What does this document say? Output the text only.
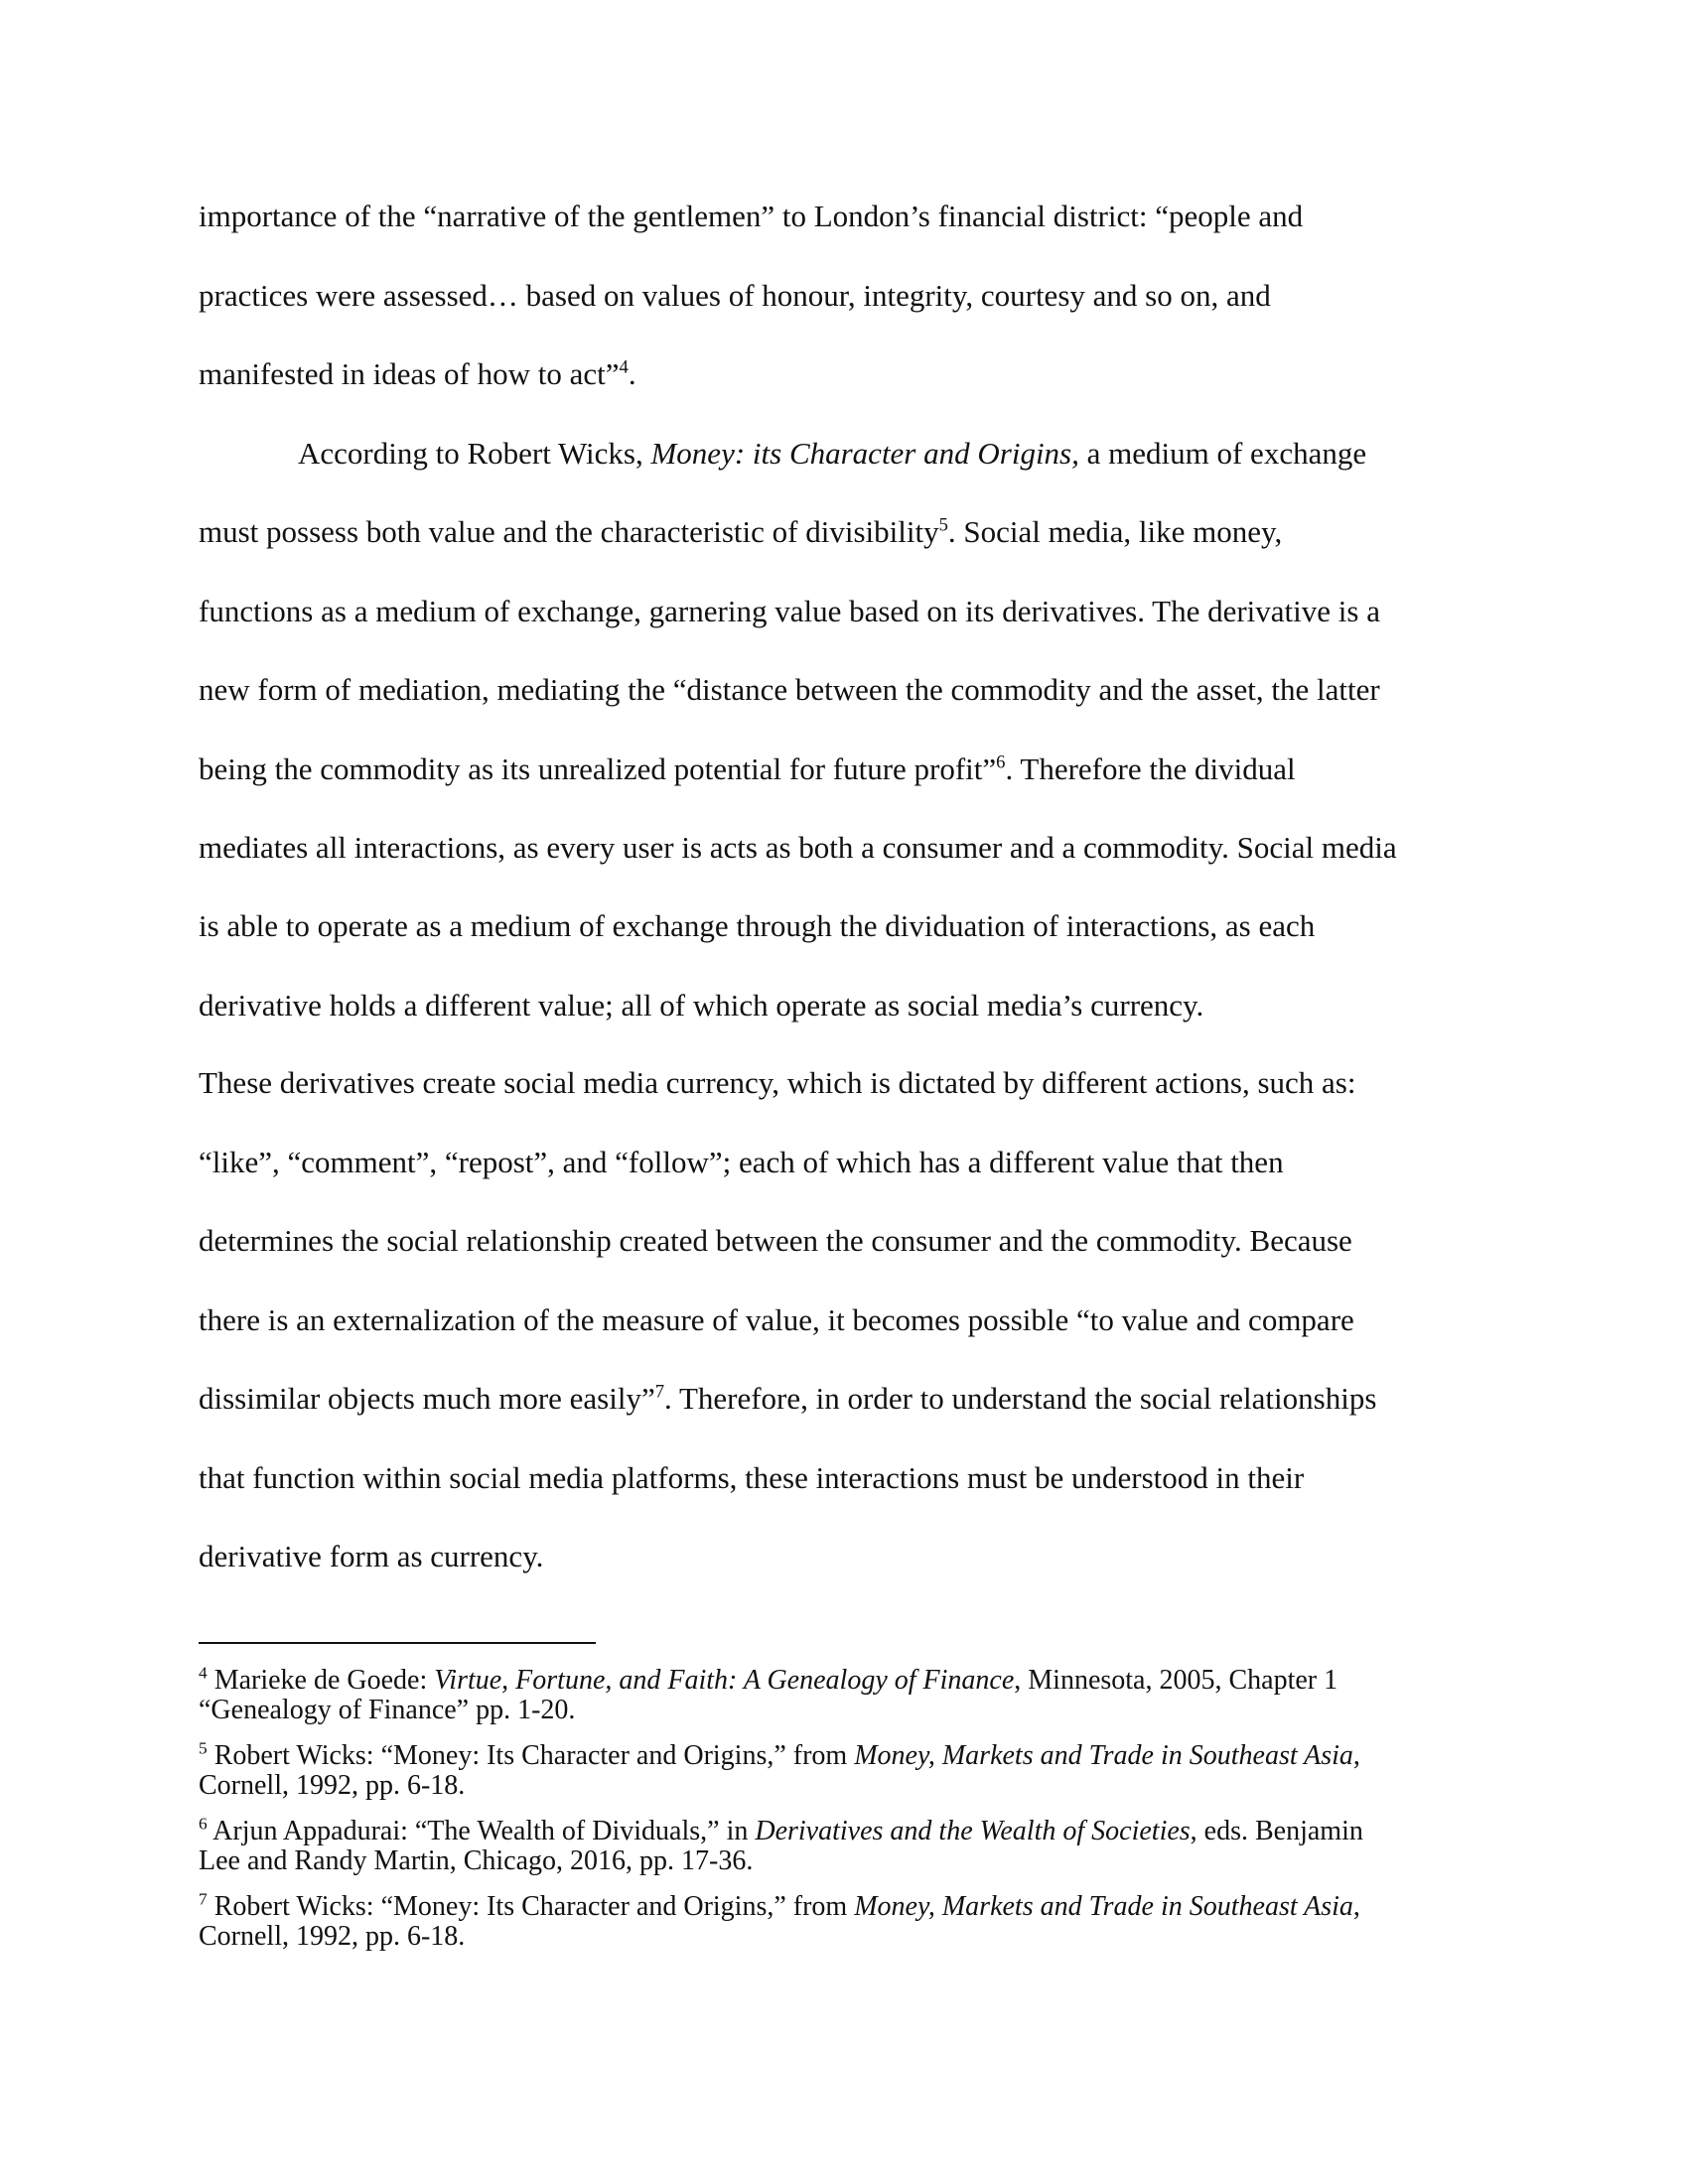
importance of the “narrative of the gentlemen” to London’s financial district: “people and

practices were assessed… based on values of honour, integrity, courtesy and so on, and

manifested in ideas of how to act”$^4$.

According to Robert Wicks, Money: its Character and Origins, a medium of exchange

must possess both value and the characteristic of divisibility$^5$. Social media, like money,

functions as a medium of exchange, garnering value based on its derivatives. The derivative is a

new form of mediation, mediating the “distance between the commodity and the asset, the latter

being the commodity as its unrealized potential for future profit”$^6$. Therefore the dividual

mediates all interactions, as every user is acts as both a consumer and a commodity. Social media

is able to operate as a medium of exchange through the dividuation of interactions, as each

derivative holds a different value; all of which operate as social media’s currency.

These derivatives create social media currency, which is dictated by different actions, such as:

“like”, “comment”, “repost”, and “follow”; each of which has a different value that then

determines the social relationship created between the consumer and the commodity. Because

there is an externalization of the measure of value, it becomes possible “to value and compare

dissimilar objects much more easily”$^7$. Therefore, in order to understand the social relationships

that function within social media platforms, these interactions must be understood in their

derivative form as currency.

$^4$ Marieke de Goede: Virtue, Fortune, and Faith: A Genealogy of Finance, Minnesota, 2005, Chapter 1
“Genealogy of Finance” pp. 1-20.
$^5$ Robert Wicks: “Money: Its Character and Origins,” from Money, Markets and Trade in Southeast Asia,
Cornell, 1992, pp. 6-18.
$^6$ Arjun Appadurai: “The Wealth of Dividuals,” in Derivatives and the Wealth of Societies, eds. Benjamin
Lee and Randy Martin, Chicago, 2016, pp. 17-36.
$^7$ Robert Wicks: “Money: Its Character and Origins,” from Money, Markets and Trade in Southeast Asia,
Cornell, 1992, pp. 6-18.
